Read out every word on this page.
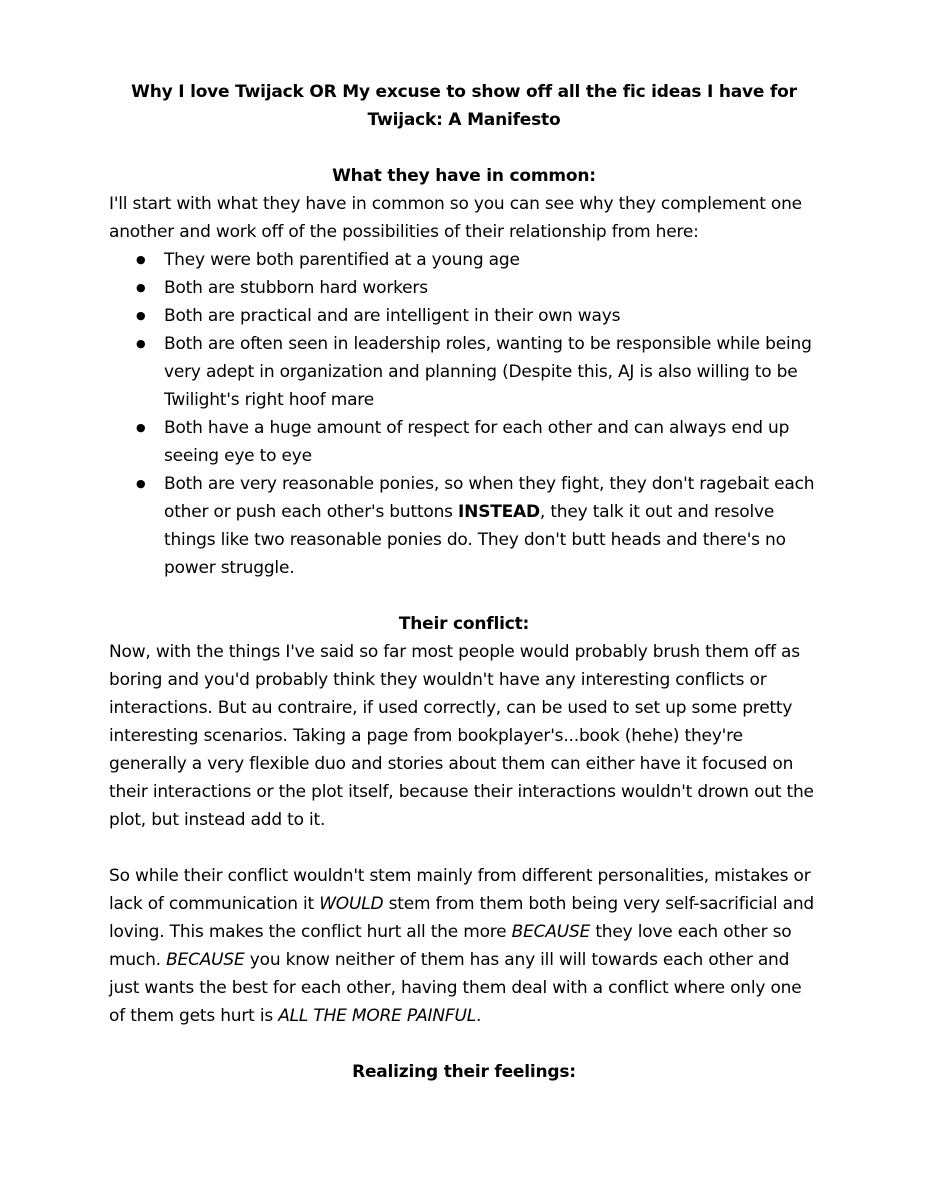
Why I love Twijack OR My excuse to show off all the fic ideas I have for Twijack: A Manifesto
What they have in common:

I'll start with what they have in common so you can see why they complement one another and work off of the possibilities of their relationship from here:

● They were both parentified at a young age
● Both are stubborn hard workers
● Both are practical and are intelligent in their own ways
● Both are often seen in leadership roles, wanting to be responsible while being very adept in organization and planning (Despite this, AJ is also willing to be Twilight's right hoof mare
● Both have a huge amount of respect for each other and can always end up seeing eye to eye
● Both are very reasonable ponies, so when they fight, they don't ragebait each other or push each other's buttons INSTEAD, they talk it out and resolve things like two reasonable ponies do. They don't butt heads and there's no power struggle.
Their conflict:

Now, with the things I've said so far most people would probably brush them off as boring and you'd probably think they wouldn't have any interesting conflicts or interactions. But au contraire, if used correctly, can be used to set up some pretty interesting scenarios. Taking a page from bookplayer's...book (hehe) they're generally a very flexible duo and stories about them can either have it focused on their interactions or the plot itself, because their interactions wouldn't drown out the plot, but instead add to it.

So while their conflict wouldn't stem mainly from different personalities, mistakes or lack of communication it WOULD stem from them both being very self-sacrificial and loving. This makes the conflict hurt all the more BECAUSE they love each other so much. BECAUSE you know neither of them has any ill will towards each other and just wants the best for each other, having them deal with a conflict where only one of them gets hurt is ALL THE MORE PAINFUL.

Realizing their feelings:
